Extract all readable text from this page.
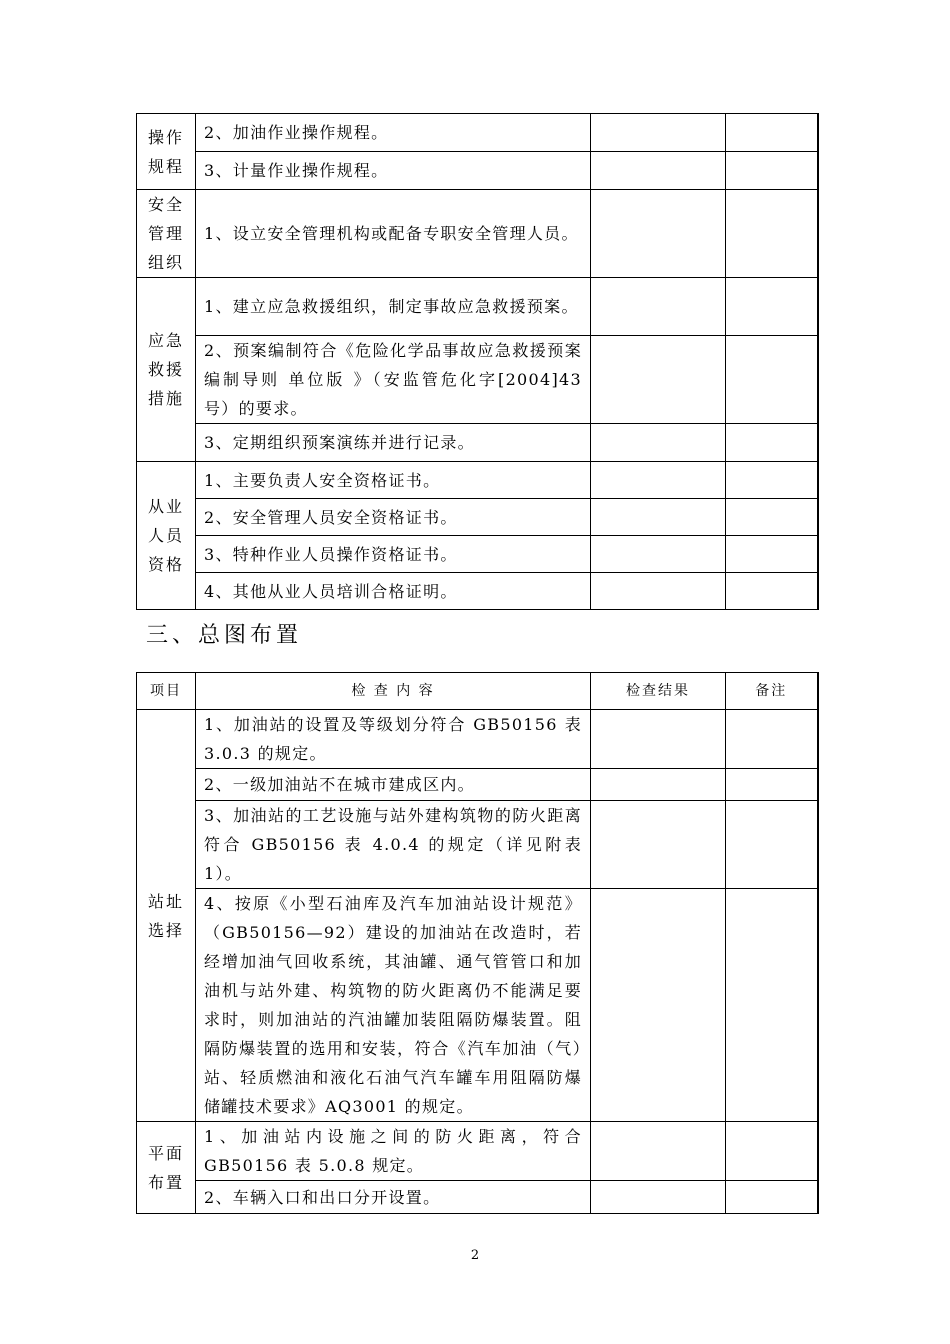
操作规程	2、加油作业操作规程。		
	3、计量作业操作规程。		
安全管理组织	1、设立安全管理机构或配备专职安全管理人员。		
应急救援措施	1、建立应急救援组织，制定事故应急救援预案。		
	2、预案编制符合《危险化学品事故应急救援预案编制导则 单位版 》（安监管危化字[2004]43 号）的要求。		
	3、定期组织预案演练并进行记录。		
从业人员资格	1、主要负责人安全资格证书。		
	2、安全管理人员安全资格证书。		
	3、特种作业人员操作资格证书。		
	4、其他从业人员培训合格证明。		
三、总图布置
项目	检 查 内 容	检查结果	备注
站址选择	1、加油站的设置及等级划分符合 GB50156 表 3.0.3 的规定。		
	2、一级加油站不在城市建成区内。		
	3、加油站的工艺设施与站外建构筑物的防火距离符合 GB50156 表 4.0.4 的规定（详见附表 1）。		
	4、按原《小型石油库及汽车加油站设计规范》（GB50156—92）建设的加油站在改造时，若经增加油气回收系统，其油罐、通气管管口和加油机与站外建、构筑物的防火距离仍不能满足要求时，则加油站的汽油罐加装阻隔防爆装置。阻隔防爆装置的选用和安装，符合《汽车加油（气）站、轻质燃油和液化石油气汽车罐车用阻隔防爆储罐技术要求》AQ3001 的规定。		
平面布置	1、加油站内设施之间的防火距离，符合 GB50156 表 5.0.8 规定。		
	2、车辆入口和出口分开设置。		
2
